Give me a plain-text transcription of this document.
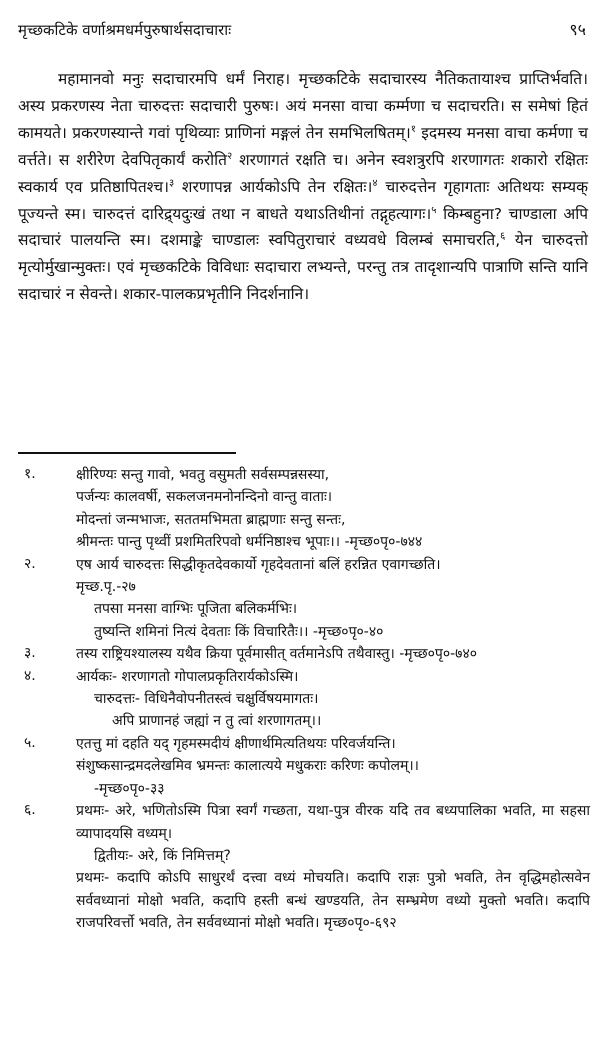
मृच्छकटिके वर्णाश्रमधर्मपुरुषार्थसदाचाराः	९५

महामानवो मनुः सदाचारमपि धर्मं निराह। मृच्छकटिके सदाचारस्य नैतिकतायाश्च प्राप्तिर्भवति। अस्य प्रकरणस्य नेता चारुदत्तः सदाचारी पुरुषः। अयं मनसा वाचा कर्म्मणा च सदाचरति। स समेषां हितं कामयते। प्रकरणस्यान्ते गवां पृथिव्याः प्राणिनां मङ्गलं तेन समभिलषितम्।$^१$ इदमस्य मनसा वाचा कर्मणा च वर्त्तते। स शरीरेण देवपितृकार्यं करोति$^२$ शरणागतं रक्षति च। अनेन स्वशत्रुरपि शरणागतः शकारो रक्षितः स्वकार्य एव प्रतिष्ठापितश्च।$^३$ शरणापन्न आर्यकोऽपि तेन रक्षितः।$^४$ चारुदत्तेन गृहागताः अतिथयः सम्यक् पूज्यन्ते स्म। चारुदत्तं दारिद्र्यदुःखं तथा न बाधते यथाऽतिथीनां तद्गृहत्यागः।$^५$ किम्बहुना? चाण्डाला अपि सदाचारं पालयन्ति स्म। दशमाङ्के चाण्डालः स्वपितुराचारं वध्यवधे विलम्बं समाचरति,$^६$ येन चारुदत्तो मृत्योर्मुखान्मुक्तः। एवं मृच्छकटिके विविधाः सदाचारा लभ्यन्ते, परन्तु तत्र तादृशान्यपि पात्राणि सन्ति यानि सदाचारं न सेवन्ते। शकार-पालकप्रभृतीनि निदर्शनानि।

१.	क्षीरिण्यः सन्तु गावो, भवतु वसुमती सर्वसम्पन्नसस्या,
पर्जन्यः कालवर्षी, सकलजनमनोनन्दिनो वान्तु वाताः।
मोदन्तां जन्मभाजः, सततमभिमता ब्राह्मणाः सन्तु सन्तः,
श्रीमन्तः पान्तु पृथ्वीं प्रशमितरिपवो धर्मनिष्ठाश्च भूपाः।। -मृच्छ०पृ०-७४४
२.	एष आर्य चारुदत्तः सिद्धीकृतदेवकार्यो गृहदेवतानां बलिं हरन्नित एवागच्छति।
मृच्छ.पृ.-२७
तपसा मनसा वाग्भिः पूजिता बलिकर्मभिः।
तुष्यन्ति शमिनां नित्यं देवताः किं विचारितैः।। -मृच्छ०पृ०-४०
३.	तस्य राष्ट्रियश्यालस्य यथैव क्रिया पूर्वमासीत् वर्तमानेऽपि तथैवास्तु। -मृच्छ०पृ०-७४०
४.	आर्यकः- शरणागतो गोपालप्रकृतिरार्यकोऽस्मि।
चारुदत्तः- विधिनैवोपनीतस्त्वं चक्षुर्विषयमागतः।
अपि प्राणानहं जह्यां न तु त्वां शरणागतम्।।
५.	एतत्तु मां दहति यद् गृहमस्मदीयं क्षीणार्थमित्यतिथयः परिवर्जयन्ति।
संशुष्कसान्द्रमदलेखमिव भ्रमन्तः कालात्यये मधुकराः करिणः कपोलम्।।
-मृच्छ०पृ०-३३
६.	प्रथमः- अरे, भणितोऽस्मि पित्रा स्वर्गं गच्छता, यथा-पुत्र वीरक यदि तव बध्यपालिका भवति, मा सहसा व्यापादयसि वध्यम्।
द्वितीयः- अरे, किं निमित्तम्?
प्रथमः- कदापि कोऽपि साधुरर्थं दत्त्वा वध्यं मोचयति। कदापि राज्ञः पुत्रो भवति, तेन वृद्धिमहोत्सवेन सर्ववध्यानां मोक्षो भवति, कदापि हस्ती बन्धं खण्डयति, तेन सम्भ्रमेण वध्यो मुक्तो भवति। कदापि राजपरिवर्त्तो भवति, तेन सर्ववध्यानां मोक्षो भवति। मृच्छ०पृ०-६९२
